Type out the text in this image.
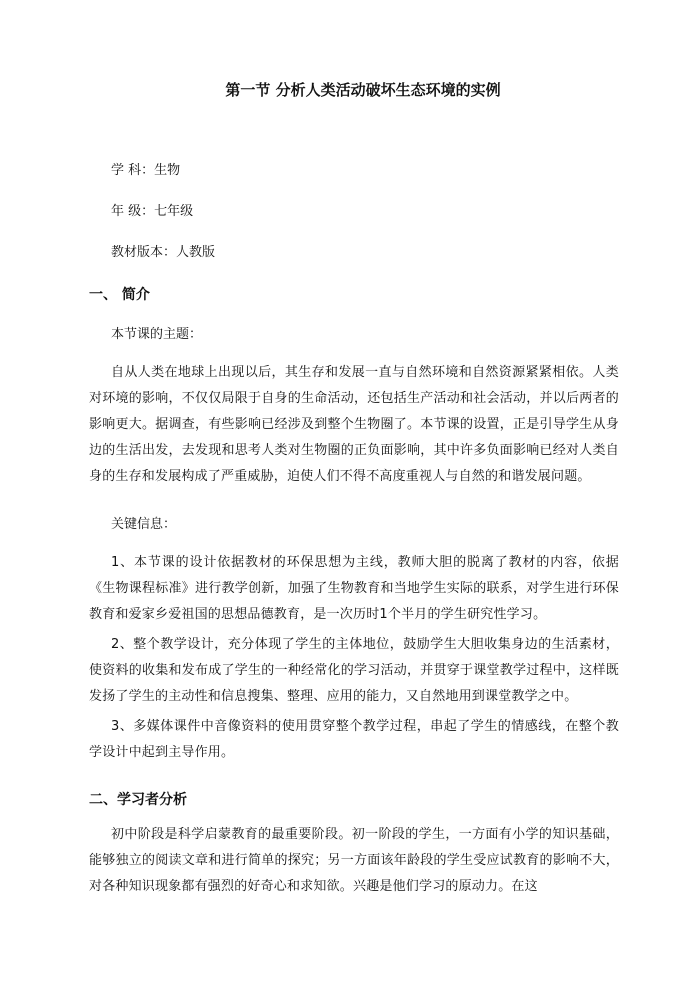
第一节 分析人类活动破坏生态环境的实例
学 科：生物
年 级：七年级
教材版本：人教版
一、 简介
本节课的主题：
自从人类在地球上出现以后，其生存和发展一直与自然环境和自然资源紧紧相依。人类对环境的影响，不仅仅局限于自身的生命活动，还包括生产活动和社会活动，并以后两者的影响更大。据调查，有些影响已经涉及到整个生物圈了。本节课的设置，正是引导学生从身边的生活出发，去发现和思考人类对生物圈的正负面影响，其中许多负面影响已经对人类自身的生存和发展构成了严重威胁，迫使人们不得不高度重视人与自然的和谐发展问题。
关键信息：
1、本节课的设计依据教材的环保思想为主线，教师大胆的脱离了教材的内容，依据《生物课程标准》进行教学创新，加强了生物教育和当地学生实际的联系，对学生进行环保教育和爱家乡爱祖国的思想品德教育，是一次历时1个半月的学生研究性学习。
2、整个教学设计，充分体现了学生的主体地位，鼓励学生大胆收集身边的生活素材，使资料的收集和发布成了学生的一种经常化的学习活动，并贯穿于课堂教学过程中，这样既发扬了学生的主动性和信息搜集、整理、应用的能力，又自然地用到课堂教学之中。
3、多媒体课件中音像资料的使用贯穿整个教学过程，串起了学生的情感线，在整个教学设计中起到主导作用。
二、学习者分析
初中阶段是科学启蒙教育的最重要阶段。初一阶段的学生，一方面有小学的知识基础，能够独立的阅读文章和进行简单的探究；另一方面该年龄段的学生受应试教育的影响不大，对各种知识现象都有强烈的好奇心和求知欲。兴趣是他们学习的原动力。在这
